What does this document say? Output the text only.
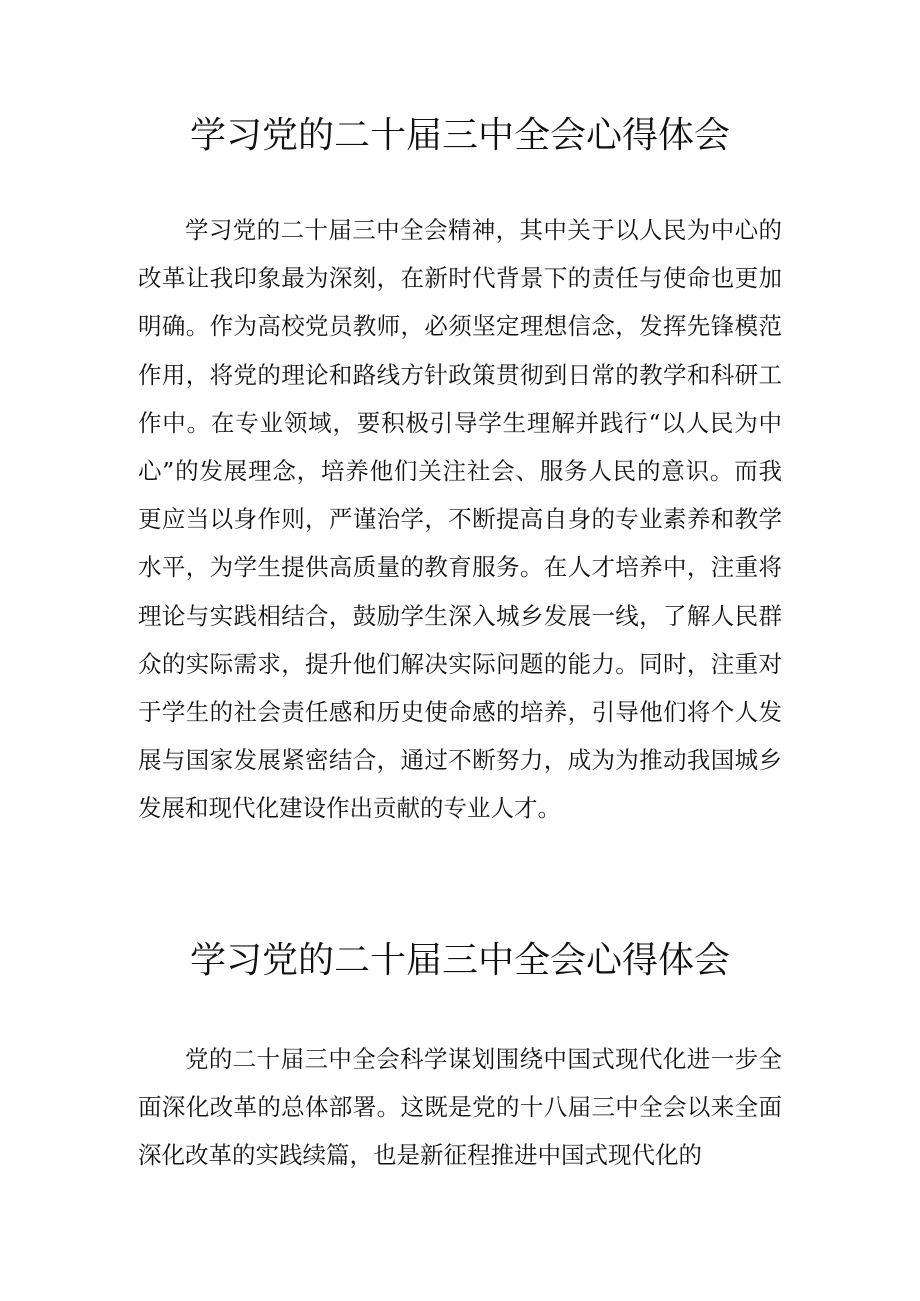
学习党的二十届三中全会心得体会

学习党的二十届三中全会精神，其中关于以人民为中心的改革让我印象最为深刻，在新时代背景下的责任与使命也更加明确。作为高校党员教师，必须坚定理想信念，发挥先锋模范作用，将党的理论和路线方针政策贯彻到日常的教学和科研工作中。在专业领域，要积极引导学生理解并践行“以人民为中心”的发展理念，培养他们关注社会、服务人民的意识。而我更应当以身作则，严谨治学，不断提高自身的专业素养和教学水平，为学生提供高质量的教育服务。在人才培养中，注重将理论与实践相结合，鼓励学生深入城乡发展一线，了解人民群众的实际需求，提升他们解决实际问题的能力。同时，注重对于学生的社会责任感和历史使命感的培养，引导他们将个人发展与国家发展紧密结合，通过不断努力，成为为推动我国城乡发展和现代化建设作出贡献的专业人才。

学习党的二十届三中全会心得体会

党的二十届三中全会科学谋划围绕中国式现代化进一步全面深化改革的总体部署。这既是党的十八届三中全会以来全面深化改革的实践续篇，也是新征程推进中国式现代化的
